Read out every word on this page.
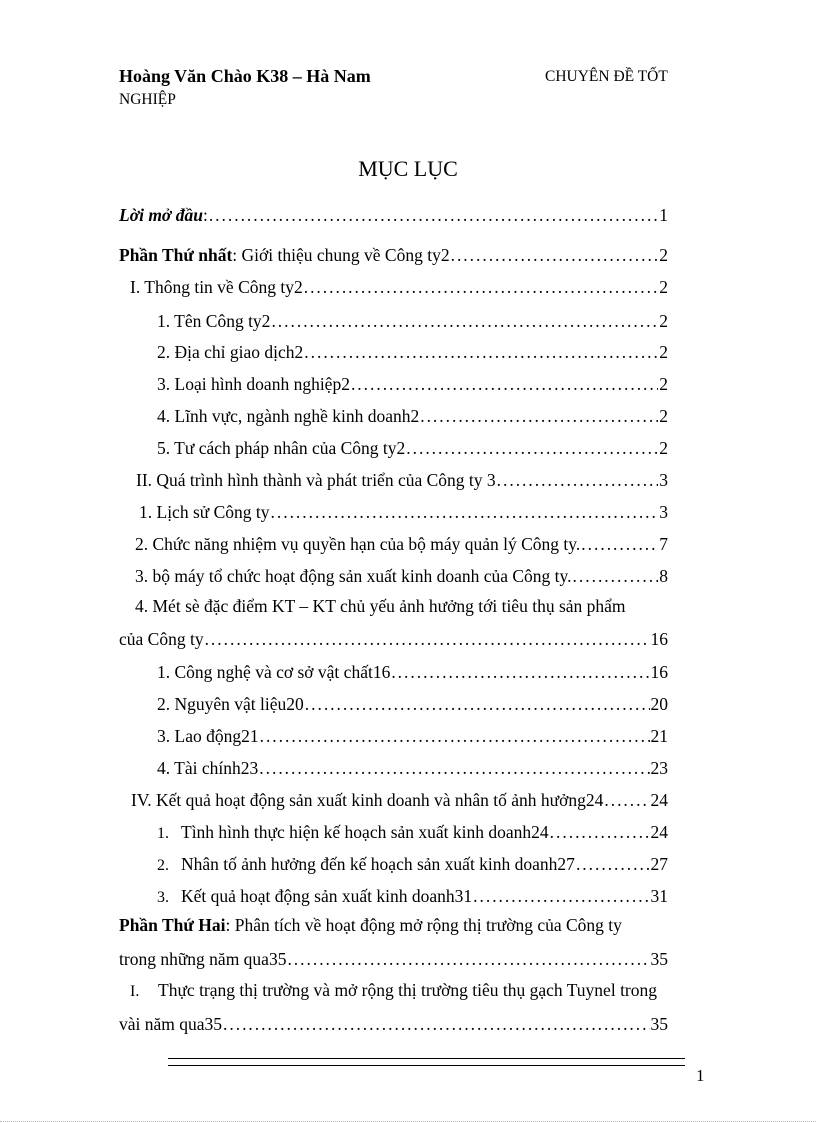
Hoàng Văn Chào K38 – Hà Nam	CHUYÊN ĐỀ TỐT
NGHIỆP
MỤC LỤC
Lời mở đầu: . . .	1
Phần Thứ nhất: Giới thiệu chung về Công ty2 . . .	2
I. Thông tin về Công ty2 . . .	2
1. Tên Công ty2 . . .	2
2. Địa chỉ giao dịch2 . . .	2
3. Loại hình doanh nghiệp2 . . .	2
4. Lĩnh vực, ngành nghề kinh doanh2 . . .	2
5. Tư cách pháp nhân của Công ty2 . . .	2
II. Quá trình hình thành và phát triển của Công ty 3 . . .	3
1. Lịch sử Công ty . . .	3
2. Chức năng nhiệm vụ quyền hạn của bộ máy quản lý Công ty. . . .	7
3. bộ máy tổ chức hoạt động sản xuất kinh doanh của Công ty. . . .	8
4. Mét sè đặc điểm KT – KT chủ yếu ảnh hưởng tới tiêu thụ sản phẩm
của Công ty . . .	16
1. Công nghệ và cơ sở vật chất16 . . .	16
2. Nguyên vật liệu20 . . .	20
3. Lao động21 . . .	21
4. Tài chính23 . . .	23
IV. Kết quả hoạt động sản xuất kinh doanh và nhân tố ảnh hưởng24 . . .	24
1. Tình hình thực hiện kế hoạch sản xuất kinh doanh24 . . .	24
2. Nhân tố ảnh hưởng đến kế hoạch sản xuất kinh doanh27 . . .	27
3. Kết quả hoạt động sản xuất kinh doanh31 . . .	31
Phần Thứ Hai: Phân tích về hoạt động mở rộng thị trường của Công ty
trong những năm qua35 . . .	35
I. Thực trạng thị trường và mở rộng thị trường tiêu thụ gạch Tuynel trong
vài năm qua35 . . .	35
1
